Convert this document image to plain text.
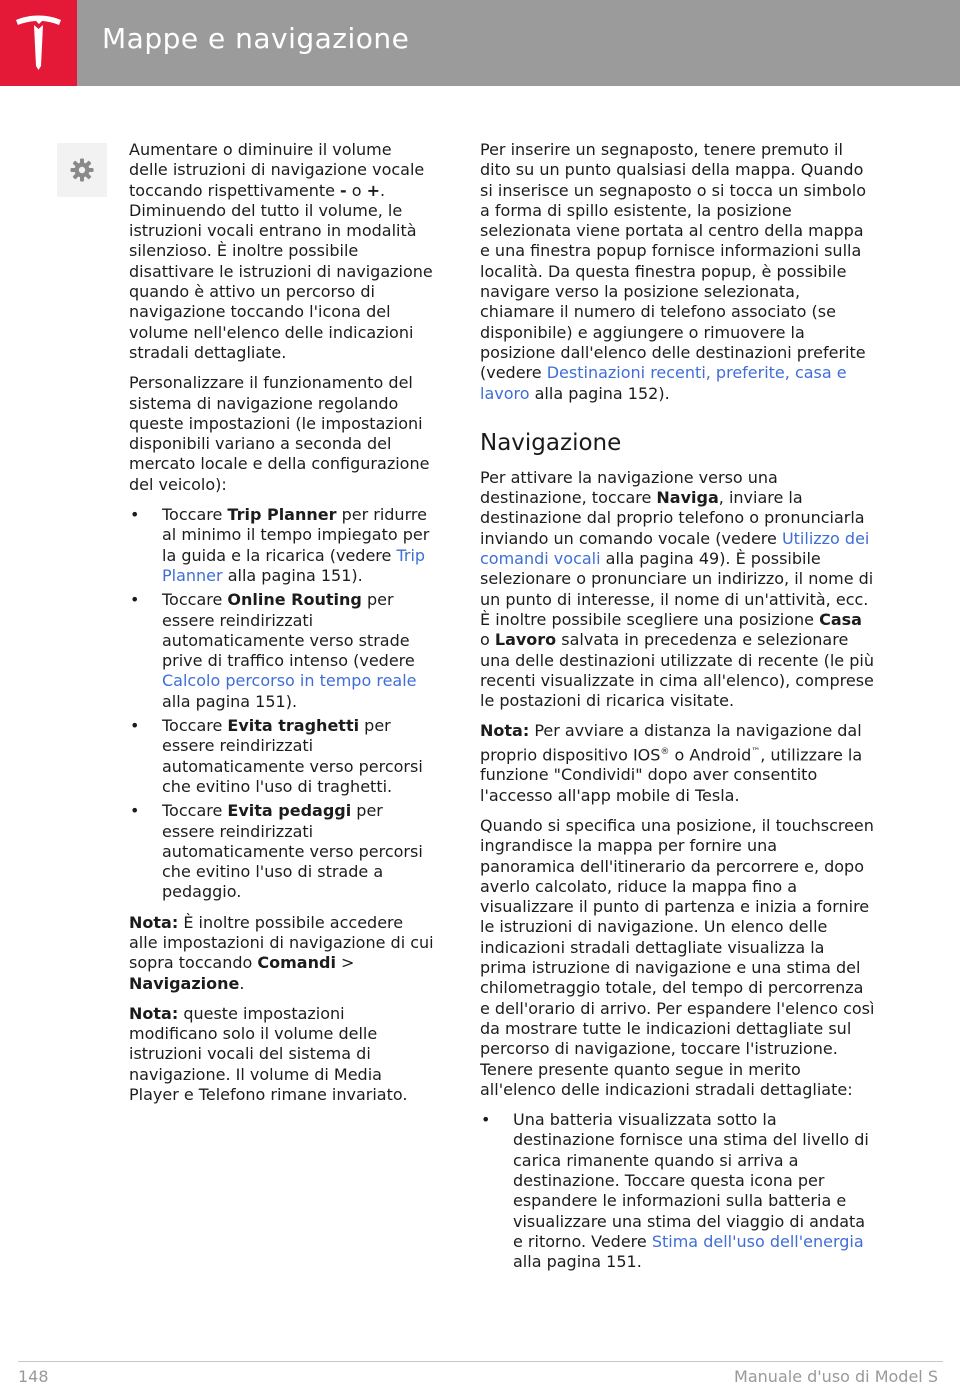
Mappe e navigazione

Aumentare o diminuire il volume delle istruzioni di navigazione vocale toccando rispettivamente - o +. Diminuendo del tutto il volume, le istruzioni vocali entrano in modalità silenzioso. È inoltre possibile disattivare le istruzioni di navigazione quando è attivo un percorso di navigazione toccando l'icona del volume nell'elenco delle indicazioni stradali dettagliate.

Personalizzare il funzionamento del sistema di navigazione regolando queste impostazioni (le impostazioni disponibili variano a seconda del mercato locale e della configurazione del veicolo):

• Toccare Trip Planner per ridurre al minimo il tempo impiegato per la guida e la ricarica (vedere Trip Planner alla pagina 151).
• Toccare Online Routing per essere reindirizzati automaticamente verso strade prive di traffico intenso (vedere Calcolo percorso in tempo reale alla pagina 151).
• Toccare Evita traghetti per essere reindirizzati automaticamente verso percorsi che evitino l'uso di traghetti.
• Toccare Evita pedaggi per essere reindirizzati automaticamente verso percorsi che evitino l'uso di strade a pedaggio.

Nota: È inoltre possibile accedere alle impostazioni di navigazione di cui sopra toccando Comandi > Navigazione.

Nota: queste impostazioni modificano solo il volume delle istruzioni vocali del sistema di navigazione. Il volume di Media Player e Telefono rimane invariato.

Per inserire un segnaposto, tenere premuto il dito su un punto qualsiasi della mappa. Quando si inserisce un segnaposto o si tocca un simbolo a forma di spillo esistente, la posizione selezionata viene portata al centro della mappa e una finestra popup fornisce informazioni sulla località. Da questa finestra popup, è possibile navigare verso la posizione selezionata, chiamare il numero di telefono associato (se disponibile) e aggiungere o rimuovere la posizione dall'elenco delle destinazioni preferite (vedere Destinazioni recenti, preferite, casa e lavoro alla pagina 152).

Navigazione

Per attivare la navigazione verso una destinazione, toccare Naviga, inviare la destinazione dal proprio telefono o pronunciarla inviando un comando vocale (vedere Utilizzo dei comandi vocali alla pagina 49). È possibile selezionare o pronunciare un indirizzo, il nome di un punto di interesse, il nome di un'attività, ecc. È inoltre possibile scegliere una posizione Casa o Lavoro salvata in precedenza e selezionare una delle destinazioni utilizzate di recente (le più recenti visualizzate in cima all'elenco), comprese le postazioni di ricarica visitate.

Nota: Per avviare a distanza la navigazione dal proprio dispositivo IOS® o Android™, utilizzare la funzione "Condividi" dopo aver consentito l'accesso all'app mobile di Tesla.

Quando si specifica una posizione, il touchscreen ingrandisce la mappa per fornire una panoramica dell'itinerario da percorrere e, dopo averlo calcolato, riduce la mappa fino a visualizzare il punto di partenza e inizia a fornire le istruzioni di navigazione. Un elenco delle indicazioni stradali dettagliate visualizza la prima istruzione di navigazione e una stima del chilometraggio totale, del tempo di percorrenza e dell'orario di arrivo. Per espandere l'elenco così da mostrare tutte le indicazioni dettagliate sul percorso di navigazione, toccare l'istruzione. Tenere presente quanto segue in merito all'elenco delle indicazioni stradali dettagliate:

• Una batteria visualizzata sotto la destinazione fornisce una stima del livello di carica rimanente quando si arriva a destinazione. Toccare questa icona per espandere le informazioni sulla batteria e visualizzare una stima del viaggio di andata e ritorno. Vedere Stima dell'uso dell'energia alla pagina 151.
148	Manuale d'uso di Model S
